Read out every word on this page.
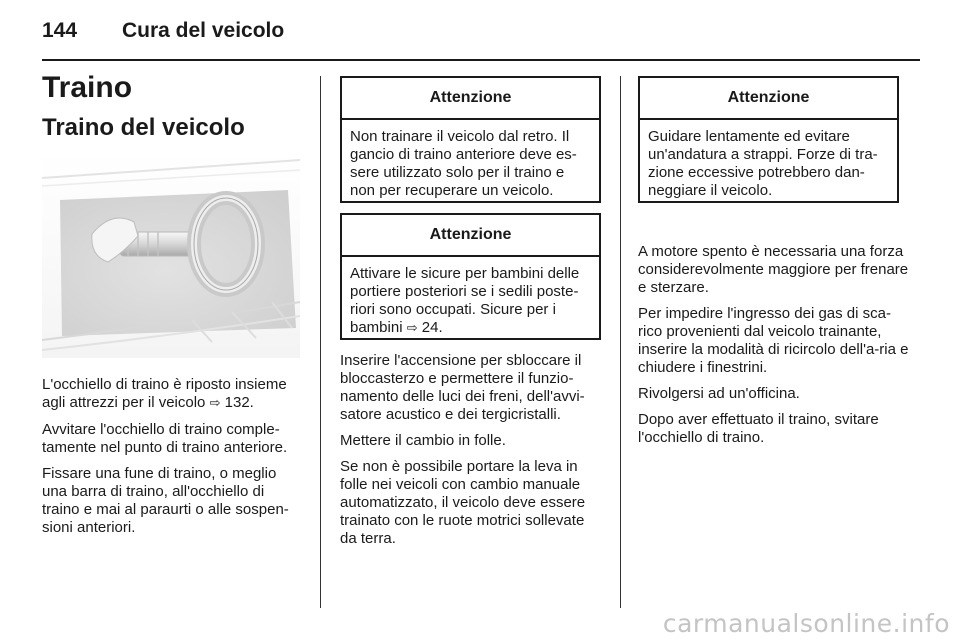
144 Cura del veicolo
Traino
Traino del veicolo

L'occhiello di traino è riposto insieme agli attrezzi per il veicolo ⇨ 132.

Avvitare l'occhiello di traino comple-tamente nel punto di traino anteriore.

Fissare una fune di traino, o meglio una barra di traino, all'occhiello di traino e mai al paraurti o alle sospen-sioni anteriori.

Attenzione
Non trainare il veicolo dal retro. Il gancio di traino anteriore deve es-sere utilizzato solo per il traino e non per recuperare un veicolo.
Attenzione
Attivare le sicure per bambini delle portiere posteriori se i sedili poste-riori sono occupati. Sicure per i bambini ⇨ 24.

Inserire l'accensione per sbloccare il bloccasterzo e permettere il funzio-namento delle luci dei freni, dell'avvi-satore acustico e dei tergicristalli.

Mettere il cambio in folle.

Se non è possibile portare la leva in folle nei veicoli con cambio manuale automatizzato, il veicolo deve essere trainato con le ruote motrici sollevate da terra.

Attenzione
Guidare lentamente ed evitare un'andatura a strappi. Forze di tra-zione eccessive potrebbero dan-neggiare il veicolo.

A motore spento è necessaria una forza considerevolmente maggiore per frenare e sterzare.

Per impedire l'ingresso dei gas di sca-rico provenienti dal veicolo trainante, inserire la modalità di ricircolo dell'a-ria e chiudere i finestrini.

Rivolgersi ad un'officina.

Dopo aver effettuato il traino, svitare l'occhiello di traino.

carmanualsonline.info
